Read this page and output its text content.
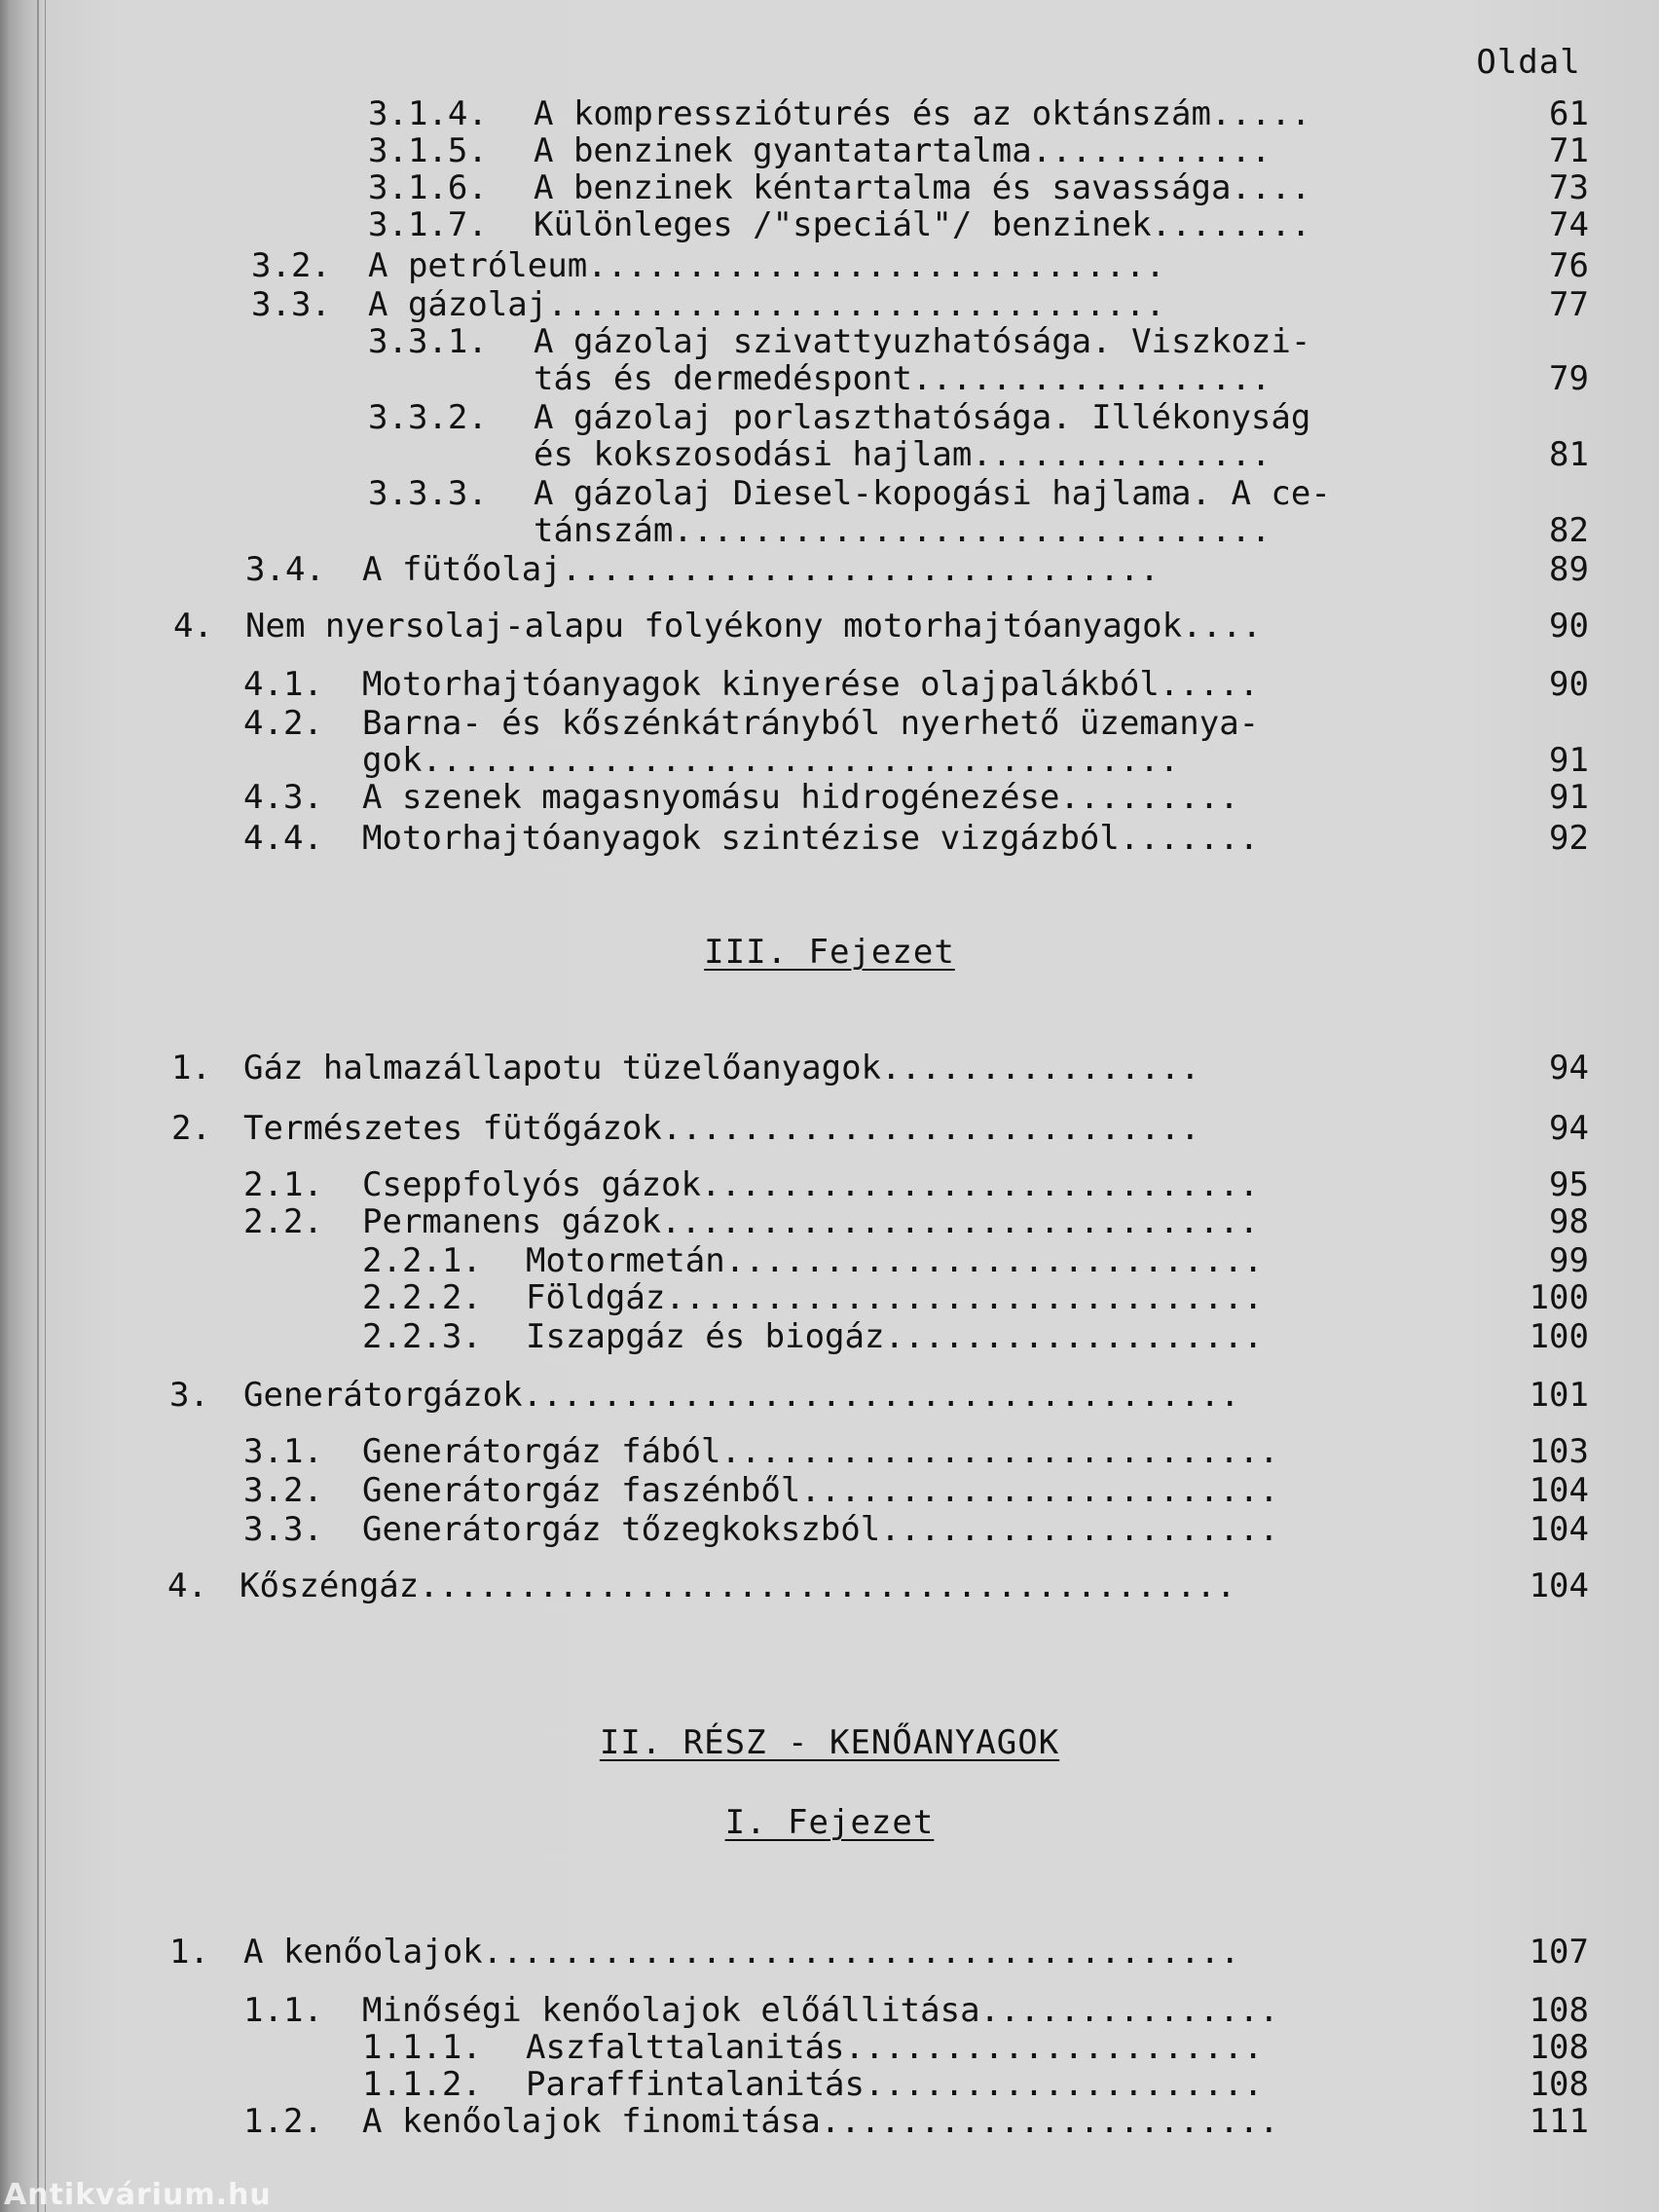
Oldal
3.1.4. A kompresszióturés és az oktánszám.....	61
3.1.5. A benzinek gyantatartalma............	71
3.1.6. A benzinek kéntartalma és savassága....	73
3.1.7. Különleges /"speciál"/ benzinek........	74
3.2. A petróleum.............................	76
3.3. A gázolaj...............................	77
3.3.1. A gázolaj szivattyuzhatósága. Viszkozi-
tás és dermedéspont..................	79
3.3.2. A gázolaj porlaszthatósága. Illékonyság
és kokszosodási hajlam...............	81
3.3.3. A gázolaj Diesel-kopogási hajlama. A ce-
tánszám..............................	82
3.4. A fütőolaj..............................	89
4. Nem nyersolaj-alapu folyékony motorhajtóanyagok....	90
4.1. Motorhajtóanyagok kinyerése olajpalákból.....	90
4.2. Barna- és kőszénkátrányból nyerhető üzemanya-
gok......................................	91
4.3. A szenek magasnyomásu hidrogénezése.........	91
4.4. Motorhajtóanyagok szintézise vizgázból.......	92
III. Fejezet
1. Gáz halmazállapotu tüzelőanyagok................	94
2. Természetes fütőgázok...........................	94
2.1. Cseppfolyós gázok............................	95
2.2. Permanens gázok..............................	98
2.2.1. Motormetán...........................	99
2.2.2. Földgáz..............................	100
2.2.3. Iszapgáz és biogáz...................	100
3. Generátorgázok....................................	101
3.1. Generátorgáz fából............................	103
3.2. Generátorgáz faszénből........................	104
3.3. Generátorgáz tőzegkokszból....................	104
4. Kőszéngáz.........................................	104
II. RÉSZ - KENŐANYAGOK
I. Fejezet
1. A kenőolajok......................................	107
1.1. Minőségi kenőolajok előállitása...............	108
1.1.1. Aszfalttalanitás.....................	108
1.1.2. Paraffintalanitás....................	108
1.2. A kenőolajok finomitása.......................	111
Antikvárium.hu
